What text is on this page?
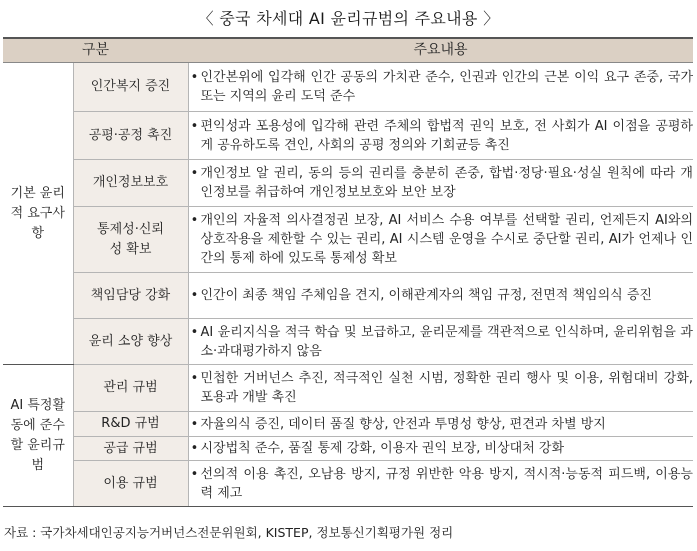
〈 중국 차세대 AI 윤리규범의 주요내용 〉
구분		주요내용

기본 윤리적 요구사항	인간복지 증진	• 인간본위에 입각해 인간 공동의 가치관 준수, 인권과 인간의 근본 이익 요구 존중, 국가 또는 지역의 윤리 도덕 준수

	공평·공정 촉진	• 편익성과 포용성에 입각해 관련 주체의 합법적 권익 보호, 전 사회가 AI 이점을 공평하게 공유하도록 견인, 사회의 공평 정의와 기회균등 촉진

	개인정보보호	• 개인정보 알 권리, 동의 등의 권리를 충분히 존중, 합법·정당·필요·성실 원칙에 따라 개인정보를 취급하여 개인정보보호와 보안 보장

	통제성·신뢰성 확보	• 개인의 자율적 의사결정권 보장, AI 서비스 수용 여부를 선택할 권리, 언제든지 AI와의 상호작용을 제한할 수 있는 권리, AI 시스템 운영을 수시로 중단할 권리, AI가 언제나 인간의 통제 하에 있도록 통제성 확보

	책임담당 강화	• 인간이 최종 책임 주체임을 견지, 이해관계자의 책임 규정, 전면적 책임의식 증진

	윤리 소양 향상	• AI 윤리지식을 적극 학습 및 보급하고, 윤리문제를 객관적으로 인식하며, 윤리위험을 과소·과대평가하지 않음

AI 특정활동에 준수할 윤리규범	관리 규범	• 민첩한 거버넌스 추진, 적극적인 실천 시범, 정확한 권리 행사 및 이용, 위험대비 강화, 포용과 개발 촉진

	R&D 규범	• 자율의식 증진, 데이터 품질 향상, 안전과 투명성 향상, 편견과 차별 방지

	공급 규범	• 시장법칙 준수, 품질 통제 강화, 이용자 권익 보장, 비상대처 강화

	이용 규범	• 선의적 이용 촉진, 오남용 방지, 규정 위반한 악용 방지, 적시적·능동적 피드백, 이용능력 제고
자료 : 국가차세대인공지능거버넌스전문위원회, KISTEP, 정보통신기획평가원 정리
